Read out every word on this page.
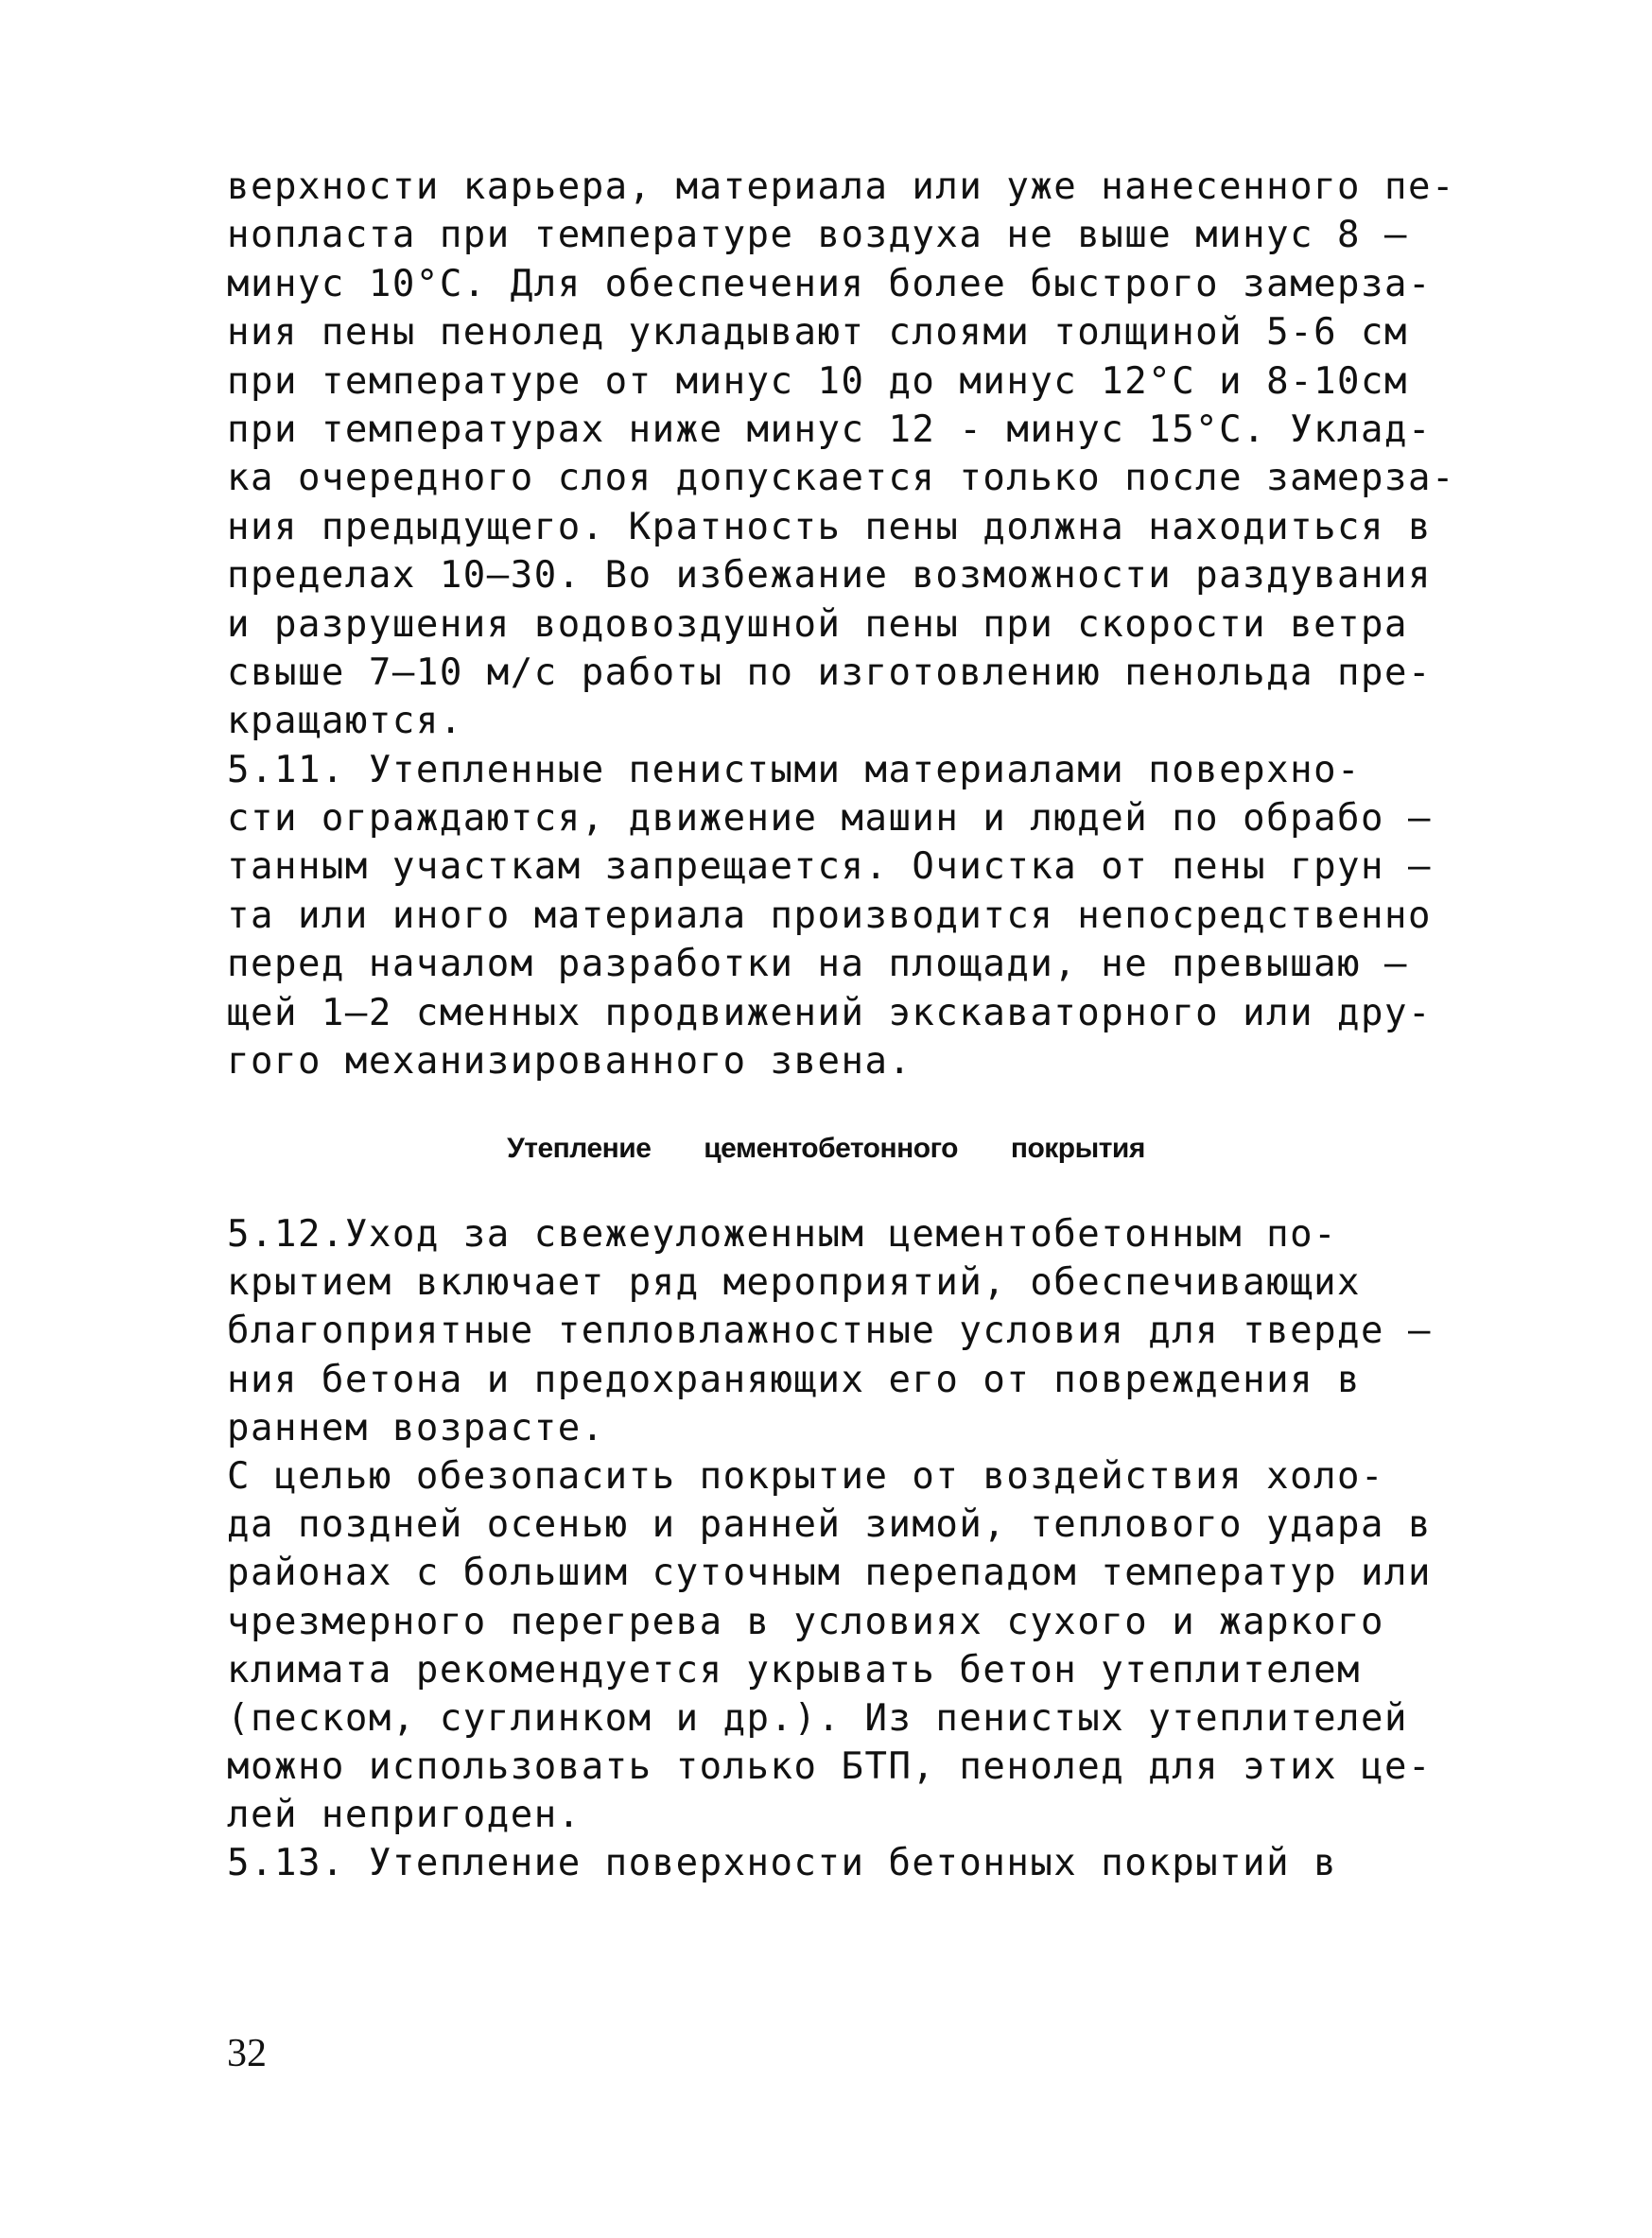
верхности карьера, материала или уже нанесенного пе-
нопласта при температуре воздуха не выше минус 8 –
минус 10°С. Для обеспечения более быстрого замерза-
ния пены пенолед укладывают слоями толщиной 5-6 см
при температуре от минус 10 до минус 12°С и 8-10см
при температурах ниже минус 12 - минус 15°С. Уклад-
ка очередного слоя допускается только после замерза-
ния предыдущего. Кратность пены должна находиться в
пределах 10–30. Во избежание возможности раздувания
и разрушения водовоздушной пены при скорости ветра
свыше 7–10 м/с работы по изготовлению пенольда пре-
кращаются.
5.11. Утепленные пенистыми материалами поверхно-
сти ограждаются, движение машин и людей по обрабо –
танным участкам запрещается. Очистка от пены грун –
та или иного материала производится непосредственно
перед началом разработки на площади, не превышаю –
щей 1–2 сменных продвижений экскаваторного или дру-
гого механизированного звена.
Утепление цементобетонного покрытия
5.12.Уход за свежеуложенным цементобетонным по-
крытием включает ряд мероприятий, обеспечивающих
благоприятные тепловлажностные условия для тверде –
ния бетона и предохраняющих его от повреждения в
раннем возрасте.
С целью обезопасить покрытие от воздействия холо-
да поздней осенью и ранней зимой, теплового удара в
районах с большим суточным перепадом температур или
чрезмерного перегрева в условиях сухого и жаркого
климата рекомендуется укрывать бетон утеплителем
(песком, суглинком и др.). Из пенистых утеплителей
можно использовать только БТП, пенолед для этих це-
лей непригоден.
5.13. Утепление поверхности бетонных покрытий в
32
